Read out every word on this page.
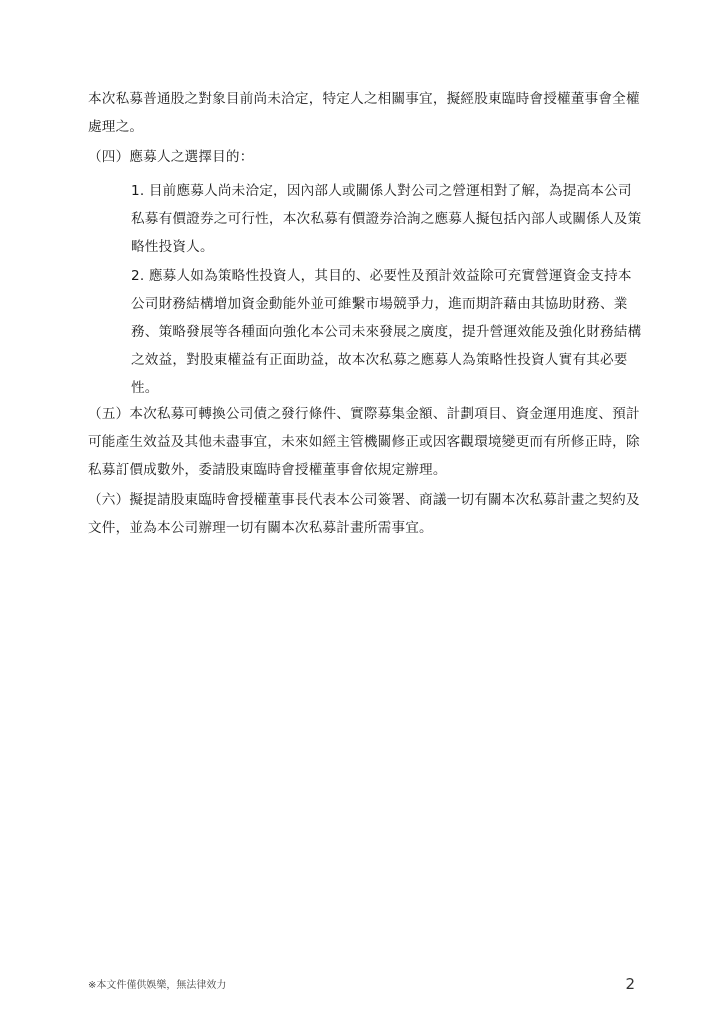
本次私募普通股之對象目前尚未洽定，特定人之相關事宜，擬經股東臨時會授權董事會全權處理之。

（四）應募人之選擇目的：

1. 目前應募人尚未洽定，因內部人或關係人對公司之營運相對了解，為提高本公司私募有價證券之可行性，本次私募有價證券洽詢之應募人擬包括內部人或關係人及策略性投資人。

2. 應募人如為策略性投資人，其目的、必要性及預計效益除可充實營運資金支持本公司財務結構增加資金動能外並可維繫市場競爭力，進而期許藉由其協助財務、業務、策略發展等各種面向強化本公司未來發展之廣度，提升營運效能及強化財務結構之效益，對股東權益有正面助益，故本次私募之應募人為策略性投資人實有其必要性。

（五）本次私募可轉換公司債之發行條件、實際募集金額、計劃項目、資金運用進度、預計可能產生效益及其他未盡事宜，未來如經主管機關修正或因客觀環境變更而有所修正時，除私募訂價成數外，委請股東臨時會授權董事會依規定辦理。

（六）擬提請股東臨時會授權董事長代表本公司簽署、商議一切有關本次私募計畫之契約及文件，並為本公司辦理一切有關本次私募計畫所需事宜。

※本文件僅供娛樂，無法律效力	2
